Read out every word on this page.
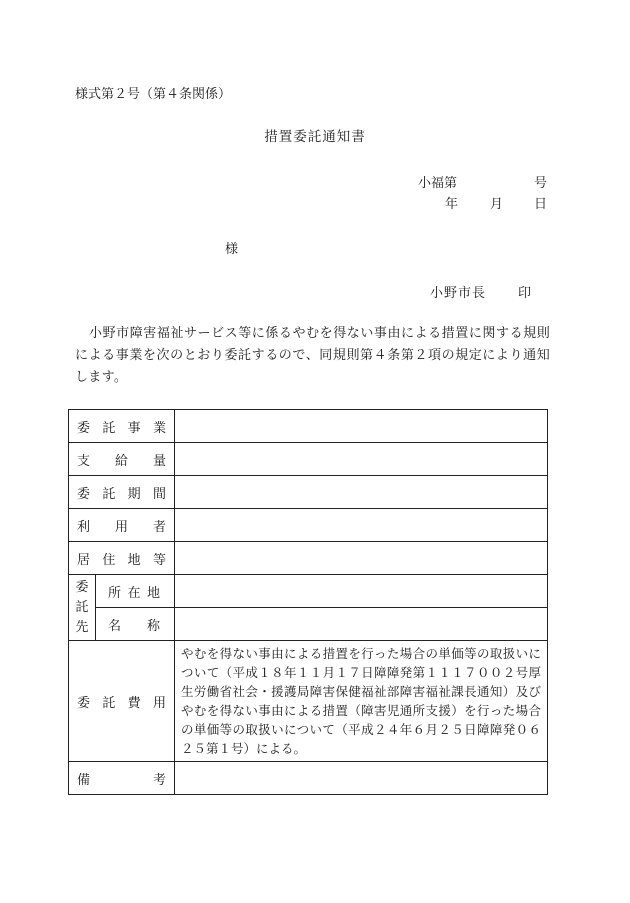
様式第２号（第４条関係）
措置委託通知書
小福第	号
年 月 日
様
小野市長 印
小野市障害福祉サービス等に係るやむを得ない事由による措置に関する規則による事業を次のとおり委託するので、同規則第４条第２項の規定により通知します。
委託事業		
支給量		
委託期間		
利用者		
居住地等		

委
託
先	所在地	
	名称	
委託費用		やむを得ない事由による措置を行った場合の単価等の取扱いについて（平成１８年１１月１７日障障発第１１１７００２号厚生労働省社会・援護局障害保健福祉部障害福祉課長通知）及びやむを得ない事由による措置（障害児通所支援）を行った場合の単価等の取扱いについて（平成２４年６月２５日障障発０６２５第１号）による。
備考		
